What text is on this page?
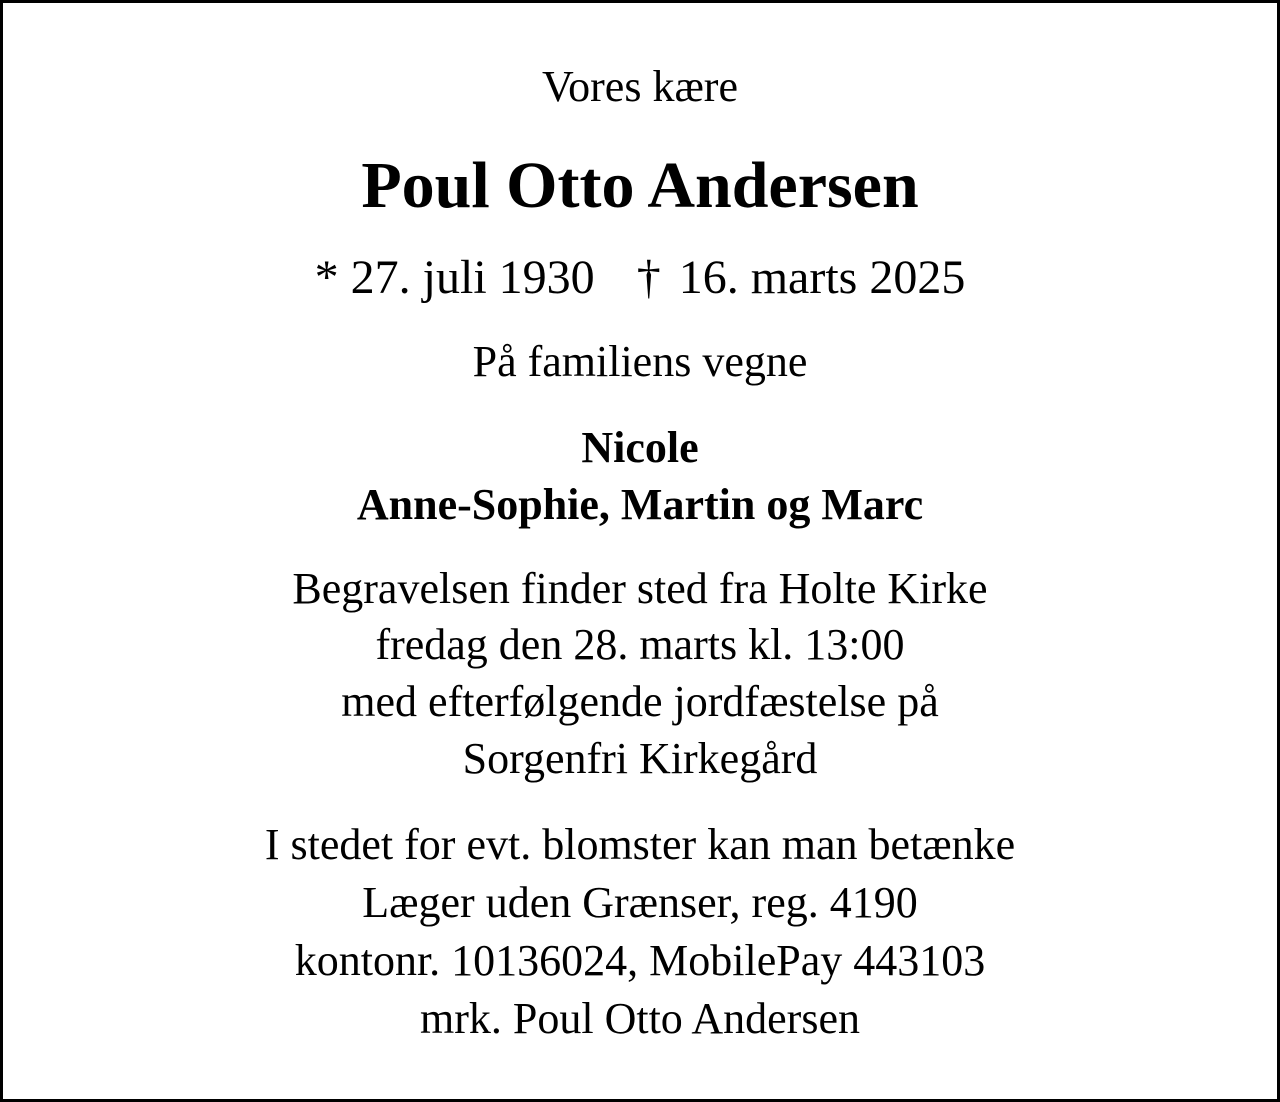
Vores kære
Poul Otto Andersen
* 27. juli 1930 † 16. marts 2025
På familiens vegne
Nicole
Anne-Sophie, Martin og Marc
Begravelsen finder sted fra Holte Kirke
fredag den 28. marts kl. 13:00
med efterfølgende jordfæstelse på
Sorgenfri Kirkegård
I stedet for evt. blomster kan man betænke
Læger uden Grænser, reg. 4190
kontonr. 10136024, MobilePay 443103
mrk. Poul Otto Andersen
